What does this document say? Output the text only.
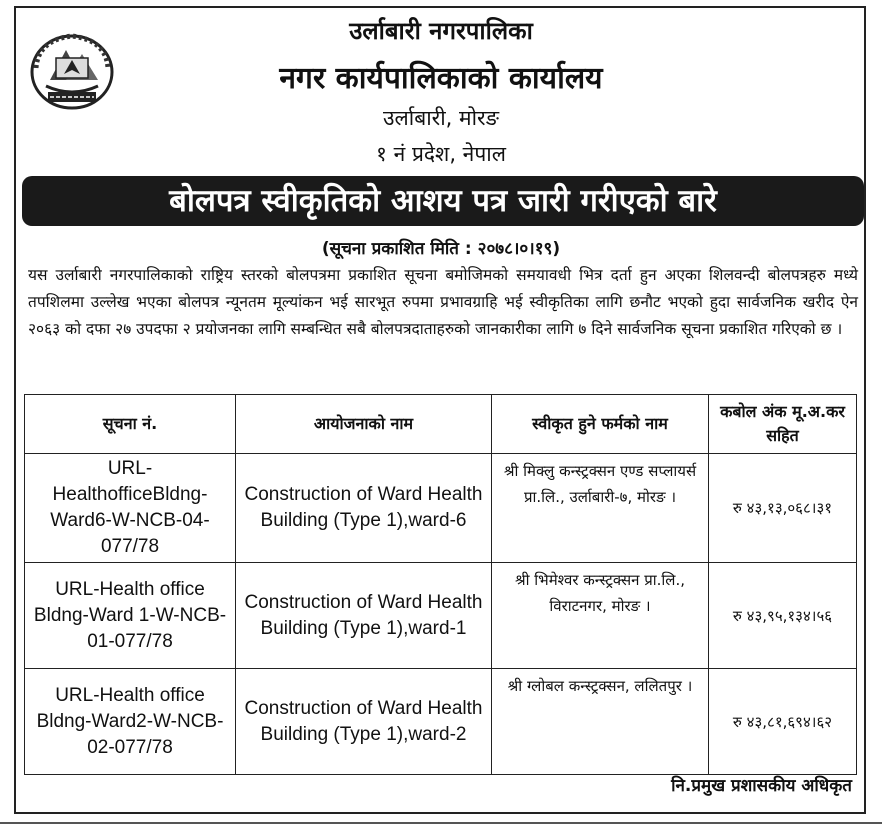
उर्लाबारी नगरपालिका
नगर कार्यपालिकाको कार्यालय
उर्लाबारी, मोरङ
१ नं प्रदेश, नेपाल
बोलपत्र स्वीकृतिको आशय पत्र जारी गरीएको बारे
(सूचना प्रकाशित मिति : २०७८।०।१९)
यस उर्लाबारी नगरपालिकाको राष्ट्रिय स्तरको बोलपत्रमा प्रकाशित सूचना बमोजिमको समयावधी भित्र दर्ता हुन अएका शिलवन्दी बोलपत्रहरु मध्ये तपशिलमा उल्लेख भएका बोलपत्र न्यूनतम मूल्यांकन भई सारभूत रुपमा प्रभावग्राहि भई स्वीकृतिका लागि छनौट भएको हुदा सार्वजनिक खरीद ऐन २०६३ को दफा २७ उपदफा २ प्रयोजनका लागि सम्बन्धित सबै बोलपत्रदाताहरुको जानकारीका लागि ७ दिने सार्वजनिक सूचना प्रकाशित गरिएको छ ।
सूचना नं.	आयोजनाको नाम	स्वीकृत हुने फर्मको नाम	कबोल अंक मू.अ.कर सहित
URL-HealthofficeBldng-Ward6-W-NCB-04-077/78	Construction of Ward Health Building (Type 1),ward-6	श्री मिक्लु कन्स्ट्रक्सन एण्ड सप्लायर्स प्रा.लि., उर्लाबारी-७, मोरङ ।	रु ४३,१३,०६८।३१
URL-Health office Bldng-Ward 1-W-NCB-01-077/78	Construction of Ward Health Building (Type 1),ward-1	श्री भिमेश्वर कन्स्ट्रक्सन प्रा.लि., विराटनगर, मोरङ ।	रु ४३,९५,१३४।५६
URL-Health office Bldng-Ward2-W-NCB-02-077/78	Construction of Ward Health Building (Type 1),ward-2	श्री ग्लोबल कन्स्ट्रक्सन, ललितपुर ।	रु ४३,८१,६९४।६२
नि.प्रमुख प्रशासकीय अधिकृत
